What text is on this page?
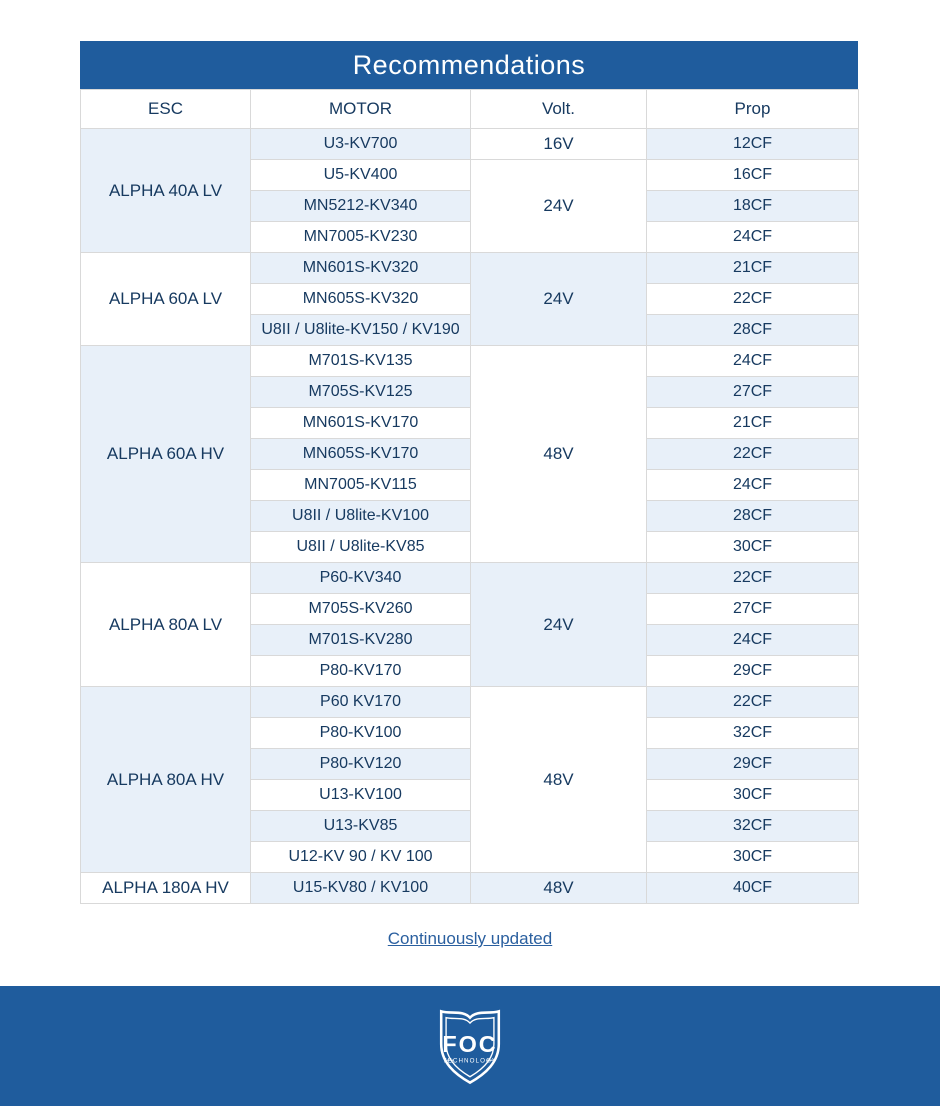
Recommendations
ESC	MOTOR	Volt.	Prop
ALPHA 40A LV	U3-KV700	16V	12CF
	U5-KV400	24V	16CF
	MN5212-KV340		18CF
	MN7005-KV230		24CF
ALPHA 60A LV	MN601S-KV320	24V	21CF
	MN605S-KV320		22CF
	U8II / U8lite-KV150 / KV190		28CF
ALPHA 60A HV	M701S-KV135	48V	24CF
	M705S-KV125		27CF
	MN601S-KV170		21CF
	MN605S-KV170		22CF
	MN7005-KV115		24CF
	U8II / U8lite-KV100		28CF
	U8II / U8lite-KV85		30CF
ALPHA 80A LV	P60-KV340	24V	22CF
	M705S-KV260		27CF
	M701S-KV280		24CF
	P80-KV170		29CF
ALPHA 80A HV	P60 KV170	48V	22CF
	P80-KV100		32CF
	P80-KV120		29CF
	U13-KV100		30CF
	U13-KV85		32CF
	U12-KV 90 / KV 100		30CF
ALPHA 180A HV	U15-KV80 / KV100	48V	40CF
Continuously updated
FOC
TECHNOLOGY
